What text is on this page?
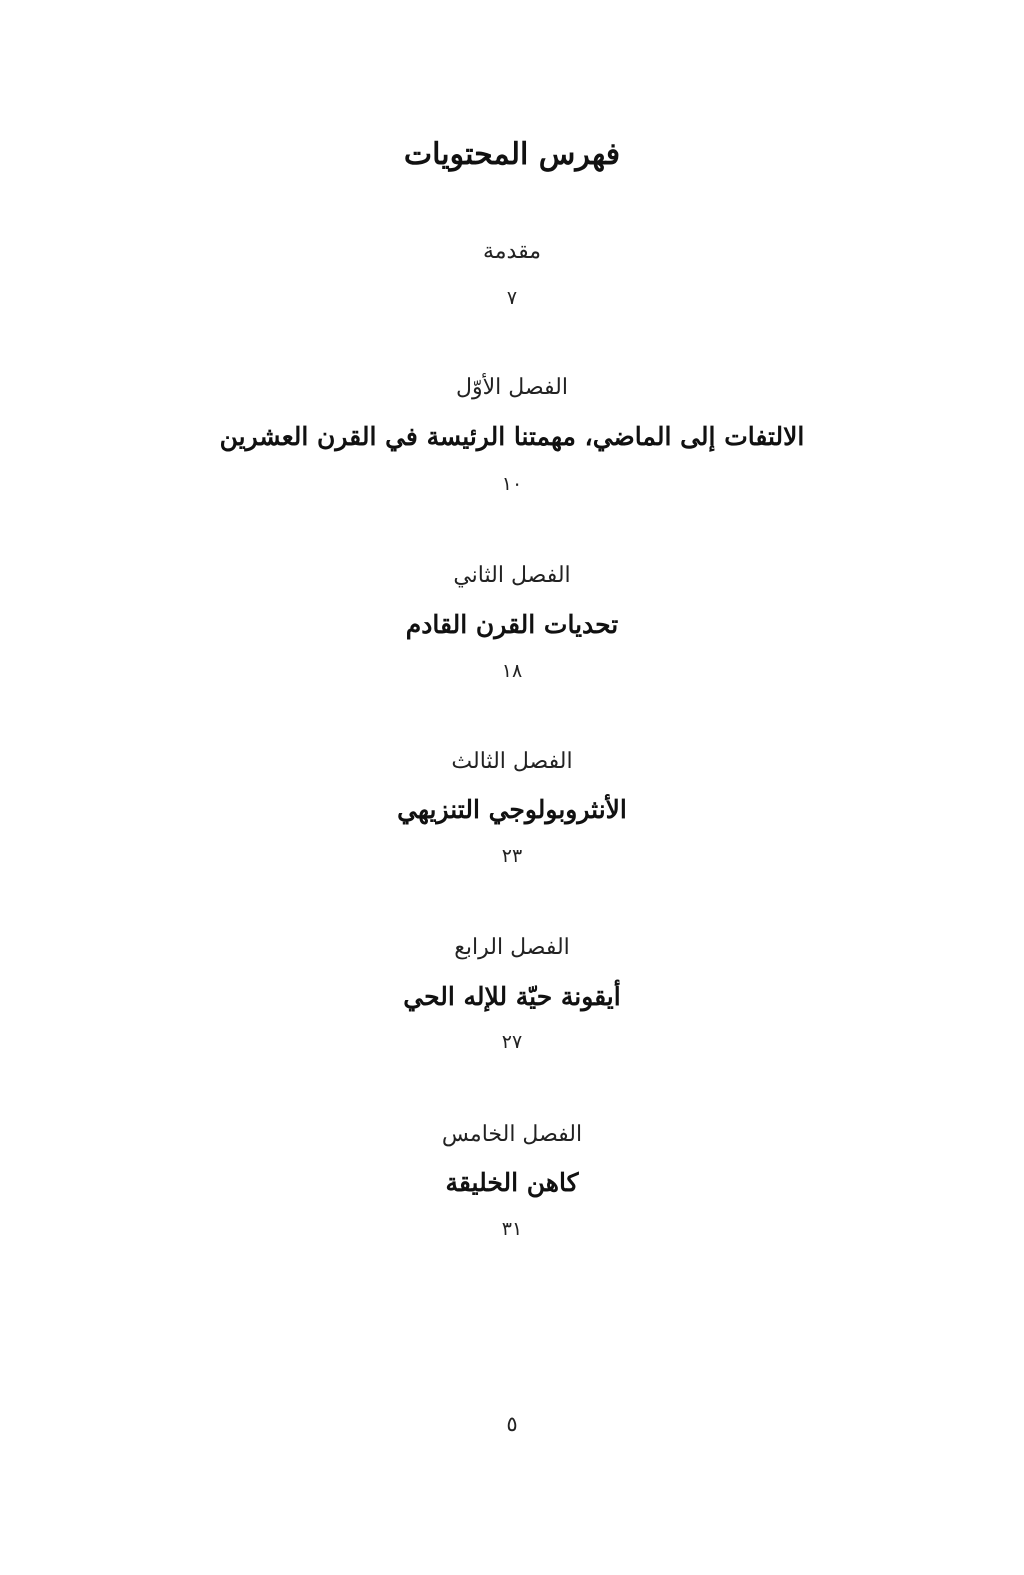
فهرس المحتويات
مقدمة
٧
الفصل الأوّل
الالتفات إلى الماضي، مهمتنا الرئيسة في القرن العشرين
١٠
الفصل الثاني
تحديات القرن القادم
١٨
الفصل الثالث
الأنثروبولوجي التنزيهي
٢٣
الفصل الرابع
أيقونة حيّة للإله الحي
٢٧
الفصل الخامس
كاهن الخليقة
٣١
٥
